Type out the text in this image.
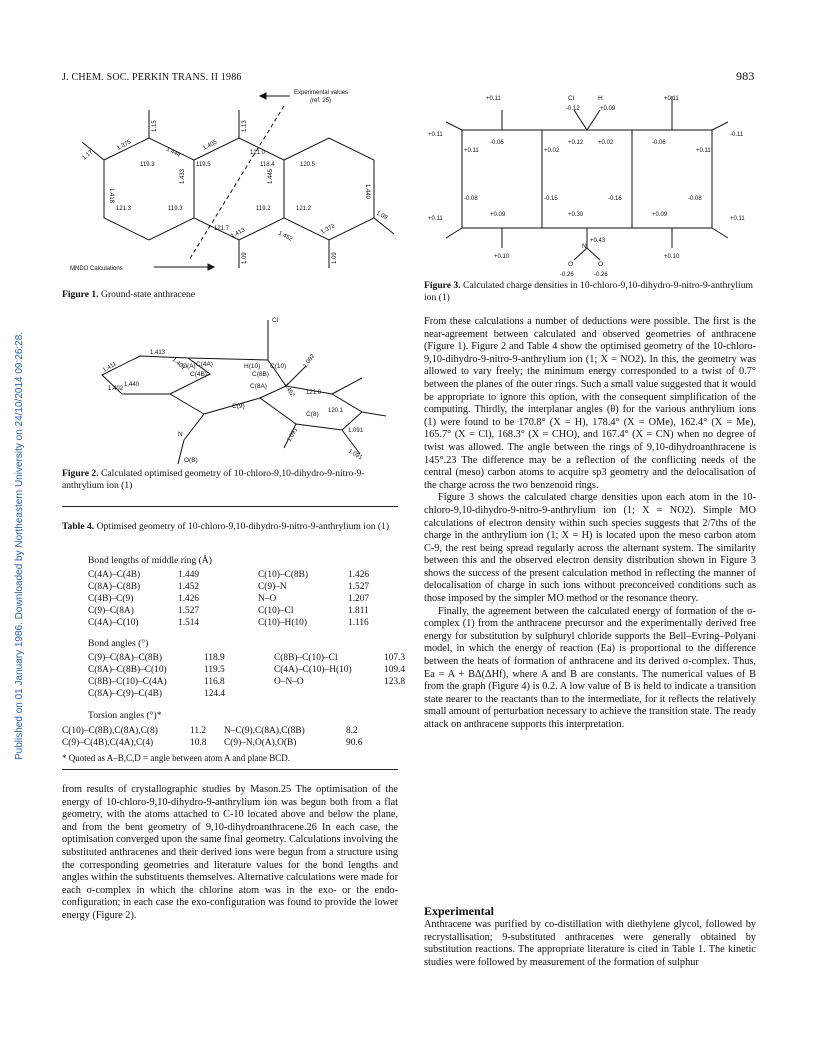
J. CHEM. SOC. PERKIN TRANS. II 1986	983
Published on 01 January 1986. Downloaded by Northeastern University on 24/10/2014 09:26:28.
Experimental values
(ref. 25)
MNDO Calculations
1.17
1.375
119.3
1.15
1.444
1.405
1.13
121.0
119.5	118.4	120.5
1.440
1.418
1.433	1.445
121.3	119.3	119.2
121.7 1.413	1.452
121.2
1.372
1.09
1.09	1.09
Figure 1. Ground-state anthracene
1.411
1.413
1.401
1.402
1.440
1.092
1.452 121.0
120.1
1.091
1.091
1.091
Cl
C(10)
C(4A)
O(A)
C(4B)
H(10)
C(8B)
C(8A)
C(8)
C(9)
N
O(B)
Figure 2. Calculated optimised geometry of 10-chloro-9,10-dihydro-9-nitro-9-anthrylium ion (1)
Table 4. Optimised geometry of 10-chloro-9,10-dihydro-9-nitro-9-anthrylium ion (1)
Bond lengths of middle ring (Å)
C(4A)–C(4B)	1.449	C(10)–C(8B)	1.426
C(8A)–C(8B)	1.452	C(9)–N	1.527
C(4B)–C(9)	1.426	N–O	1.207
C(9)–C(8A)	1.527	C(10)–Cl	1.811
C(4A)–C(10)	1.514	C(10)–H(10)	1.116
Bond angles (°)
C(9)–C(8A)–C(8B)	118.9	C(8B)–C(10)–Cl	107.3
C(8A)–C(8B)–C(10)	119.5	C(4A)–C(10)–H(10)	109.4
C(8B)–C(10)–C(4A)	116.8	O–N–O	123.8
C(8A)–C(9)–C(4B)	124.4		
Torsion angles (°)*
C(10)–C(8B),C(8A),C(8)	11.2	N–C(9),C(8A),C(8B)	8.2
C(9)–C(4B),C(4A),C(4)	10.8	C(9)–N,O(A),O(B)	90.6
* Quoted as A–B,C,D = angle between atom A and plane BCD.

from results of crystallographic studies by Mason.25 The optimisation of the energy of 10-chloro-9,10-dihydro-9-anthrylium ion was begun both from a flat geometry, with the atoms attached to C-10 located above and below the plane, and from the bent geometry of 9,10-dihydroanthracene.26 In each case, the optimisation converged upon the same final geometry. Calculations involving the substituted anthracenes and their derived ions were begun from a structure using the corresponding geometries and literature values for the bond lengths and angles within the substituents themselves. Alternative calculations were made for each σ-complex in which the chlorine atom was in the exo- or the endo-configuration; in each case the exo-configuration was found to provide the lower energy (Figure 2).

Cl	H
N
O	O
+0.11
-0.12	+0.09
+0.11
+0.11
-0.06	+0.12 +0.02	-0.06
-0.11
+0.11	+0.02	+0.11
-0.08	-0.15	-0.16	-0.08
+0.11
+0.09	+0.30	+0.09
+0.11
+0.43
+0.10	+0.10
-0.26	-0.26
Figure 3. Calculated charge densities in 10-chloro-9,10-dihydro-9-nitro-9-anthrylium ion (1)

From these calculations a number of deductions were possible. The first is the near-agreement between calculated and observed geometries of anthracene (Figure 1). Figure 2 and Table 4 show the optimised geometry of the 10-chloro-9,10-dihydro-9-nitro-9-anthrylium ion (1; X = NO2). In this, the geometry was allowed to vary freely; the minimum energy corresponded to a twist of 0.7° between the planes of the outer rings. Such a small value suggested that it would be appropriate to ignore this option, with the consequent simplification of the computing. Thirdly, the interplanar angles (θ) for the various anthrylium ions (1) were found to be 170.8° (X = H), 178.4° (X = OMe), 162.4° (X = Me), 165.7° (X = Cl), 168.3° (X = CHO), and 167.4° (X = CN) when no degree of twist was allowed. The angle between the rings of 9,10-dihydroanthracene is 145°.23 The difference may be a reflection of the conflicting needs of the central (meso) carbon atoms to acquire sp3 geometry and the delocalisation of the charge across the two benzenoid rings.

Figure 3 shows the calculated charge densities upon each atom in the 10-chloro-9,10-dihydro-9-nitro-9-anthrylium ion (1; X = NO2). Simple MO calculations of electron density within such species suggests that 2/7ths of the charge in the anthrylium ion (1; X = H) is located upon the meso carbon atom C-9, the rest being spread regularly across the alternant system. The similarity between this and the observed electron density distribution shown in Figure 3 shows the success of the present calculation method in reflecting the manner of delocalisation of charge in such ions without preconceived conditions such as those imposed by the simpler MO method or the resonance theory.

Finally, the agreement between the calculated energy of formation of the σ-complex (1) from the anthracene precursor and the experimentally derived free energy for substitution by sulphuryl chloride supports the Bell–Evring–Polyani model, in which the energy of reaction (Ea) is proportional to the difference between the heats of formation of anthracene and its derived σ-complex. Thus, Ea = A + BΔ(ΔHf), where A and B are constants. The numerical values of B from the graph (Figure 4) is 0.2. A low value of B is held to indicate a transition state nearer to the reactants than to the intermediate, for it reflects the relatively small amount of perturbation necessary to achieve the transition state. The ready attack on anthracene supports this interpretation.

Experimental

Anthracene was purified by co-distillation with diethylene glycol, followed by recrystallisation; 9-substituted anthracenes were generally obtained by substitution reactions. The appropriate literature is cited in Table 1. The kinetic studies were followed by measurement of the formation of sulphur
